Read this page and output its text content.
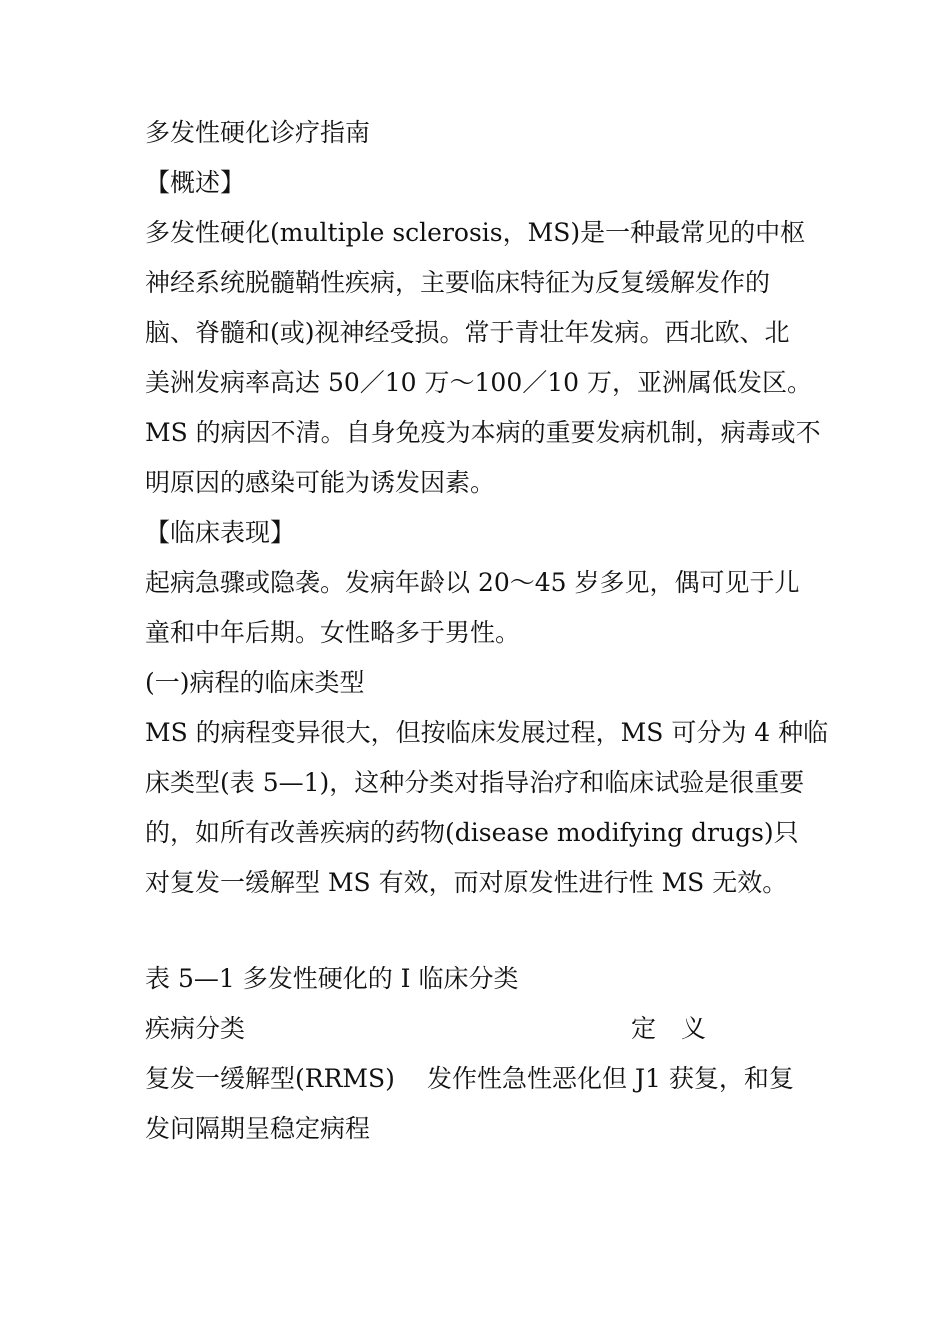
多发性硬化诊疗指南
【概述】
多发性硬化(multiple sclerosis，MS)是一种最常见的中枢
神经系统脱髓鞘性疾病，主要临床特征为反复缓解发作的
脑、脊髓和(或)视神经受损。常于青壮年发病。西北欧、北
美洲发病率高达 50／10 万～100／10 万，亚洲属低发区。
MS 的病因不清。自身免疫为本病的重要发病机制，病毒或不
明原因的感染可能为诱发因素。
【临床表现】
起病急骤或隐袭。发病年龄以 20～45 岁多见，偶可见于儿
童和中年后期。女性略多于男性。
(一)病程的临床类型
MS 的病程变异很大，但按临床发展过程，MS 可分为 4 种临
床类型(表 5—1)，这种分类对指导治疗和临床试验是很重要
的，如所有改善疾病的药物(disease modifying drugs)只
对复发一缓解型 MS 有效，而对原发性进行性 MS 无效。
表 5—1 多发性硬化的 I 临床分类
疾病分类	定　义
复发一缓解型(RRMS) 发作性急性恶化但 J1 获复，和复
发问隔期呈稳定病程
